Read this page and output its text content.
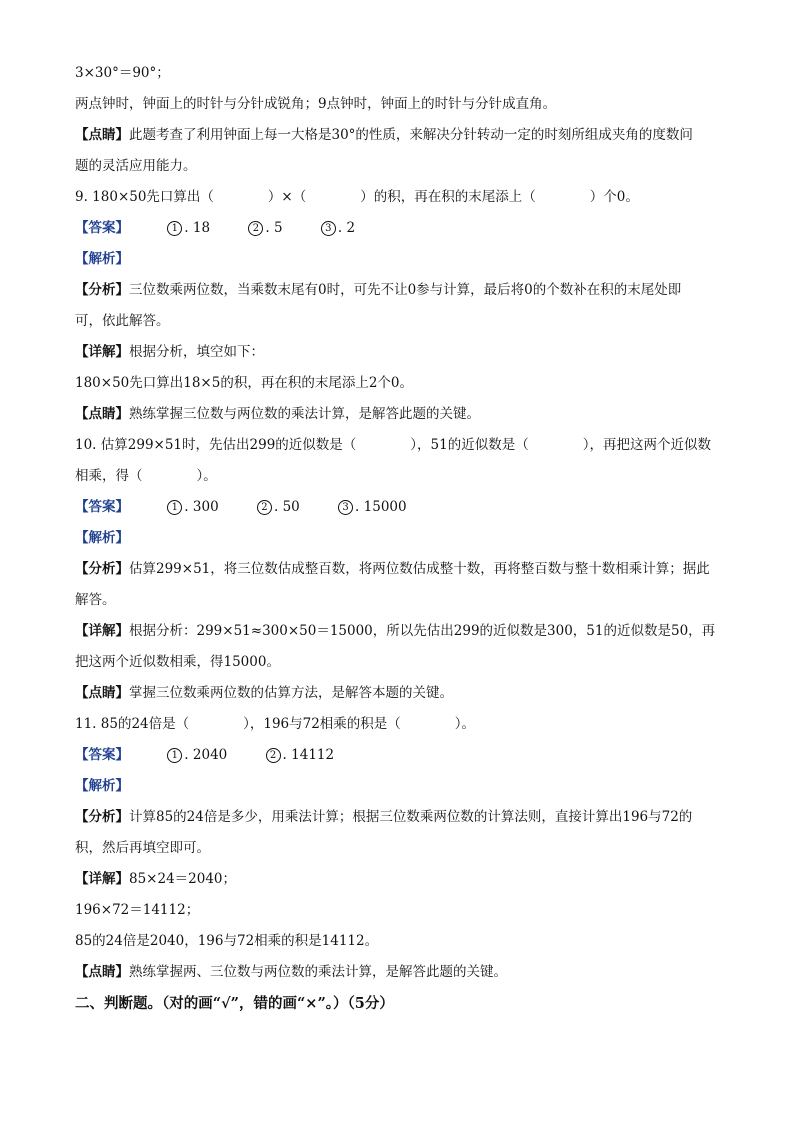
3×30°＝90°；
两点钟时，钟面上的时针与分针成锐角；9点钟时，钟面上的时针与分针成直角。
【点睛】此题考查了利用钟面上每一大格是30°的性质，来解决分针转动一定的时刻所组成夹角的度数问
题的灵活应用能力。
9. 180×50先口算出（　　　　）×（　　　　）的积，再在积的末尾添上（　　　　）个0。
【答案】	1 . 18	2 . 5	3 . 2
【解析】
【分析】三位数乘两位数，当乘数末尾有0时，可先不让0参与计算，最后将0的个数补在积的末尾处即
可，依此解答。
【详解】根据分析，填空如下：
180×50先口算出18×5的积，再在积的末尾添上2个0。
【点睛】熟练掌握三位数与两位数的乘法计算，是解答此题的关键。
10. 估算299×51时，先估出299的近似数是（　　　　），51的近似数是（　　　　），再把这两个近似数
相乘，得（　　　　）。
【答案】	1 . 300	2 . 50	3 . 15000
【解析】
【分析】估算299×51，将三位数估成整百数，将两位数估成整十数，再将整百数与整十数相乘计算；据此
解答。
【详解】根据分析：299×51≈300×50＝15000，所以先估出299的近似数是300，51的近似数是50，再
把这两个近似数相乘，得15000。
【点睛】掌握三位数乘两位数的估算方法，是解答本题的关键。
11. 85的24倍是（　　　　），196与72相乘的积是（　　　　）。
【答案】	1 . 2040	2 . 14112
【解析】
【分析】计算85的24倍是多少，用乘法计算；根据三位数乘两位数的计算法则，直接计算出196与72的
积，然后再填空即可。
【详解】85×24＝2040；
196×72＝14112；
85的24倍是2040，196与72相乘的积是14112。
【点睛】熟练掌握两、三位数与两位数的乘法计算，是解答此题的关键。
二、判断题。（对的画“√”，错的画“×”。）（5分）
